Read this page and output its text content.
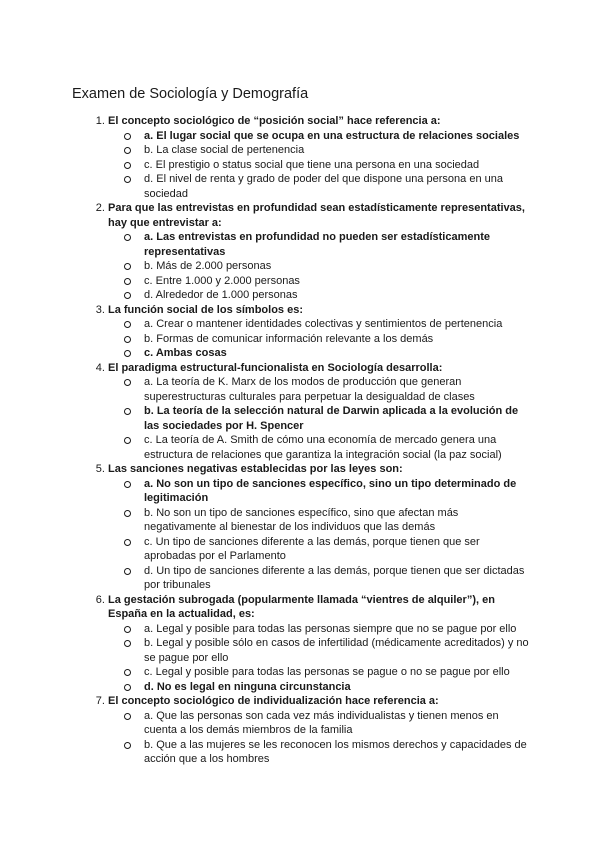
Examen de Sociología y Demografía
1. El concepto sociológico de “posición social” hace referencia a:
a. El lugar social que se ocupa en una estructura de relaciones sociales
b. La clase social de pertenencia
c. El prestigio o status social que tiene una persona en una sociedad
d. El nivel de renta y grado de poder del que dispone una persona en una sociedad
2. Para que las entrevistas en profundidad sean estadísticamente representativas, hay que entrevistar a:
a. Las entrevistas en profundidad no pueden ser estadísticamente representativas
b. Más de 2.000 personas
c. Entre 1.000 y 2.000 personas
d. Alrededor de 1.000 personas
3. La función social de los símbolos es:
a. Crear o mantener identidades colectivas y sentimientos de pertenencia
b. Formas de comunicar información relevante a los demás
c. Ambas cosas
4. El paradigma estructural-funcionalista en Sociología desarrolla:
a. La teoría de K. Marx de los modos de producción que generan superestructuras culturales para perpetuar la desigualdad de clases
b. La teoría de la selección natural de Darwin aplicada a la evolución de las sociedades por H. Spencer
c. La teoría de A. Smith de cómo una economía de mercado genera una estructura de relaciones que garantiza la integración social (la paz social)
5. Las sanciones negativas establecidas por las leyes son:
a. No son un tipo de sanciones específico, sino un tipo determinado de legitimación
b. No son un tipo de sanciones específico, sino que afectan más negativamente al bienestar de los individuos que las demás
c. Un tipo de sanciones diferente a las demás, porque tienen que ser aprobadas por el Parlamento
d. Un tipo de sanciones diferente a las demás, porque tienen que ser dictadas por tribunales
6. La gestación subrogada (popularmente llamada “vientres de alquiler”), en España en la actualidad, es:
a. Legal y posible para todas las personas siempre que no se pague por ello
b. Legal y posible sólo en casos de infertilidad (médicamente acreditados) y no se pague por ello
c. Legal y posible para todas las personas se pague o no se pague por ello
d. No es legal en ninguna circunstancia
7. El concepto sociológico de individualización hace referencia a:
a. Que las personas son cada vez más individualistas y tienen menos en cuenta a los demás miembros de la familia
b. Que a las mujeres se les reconocen los mismos derechos y capacidades de acción que a los hombres
